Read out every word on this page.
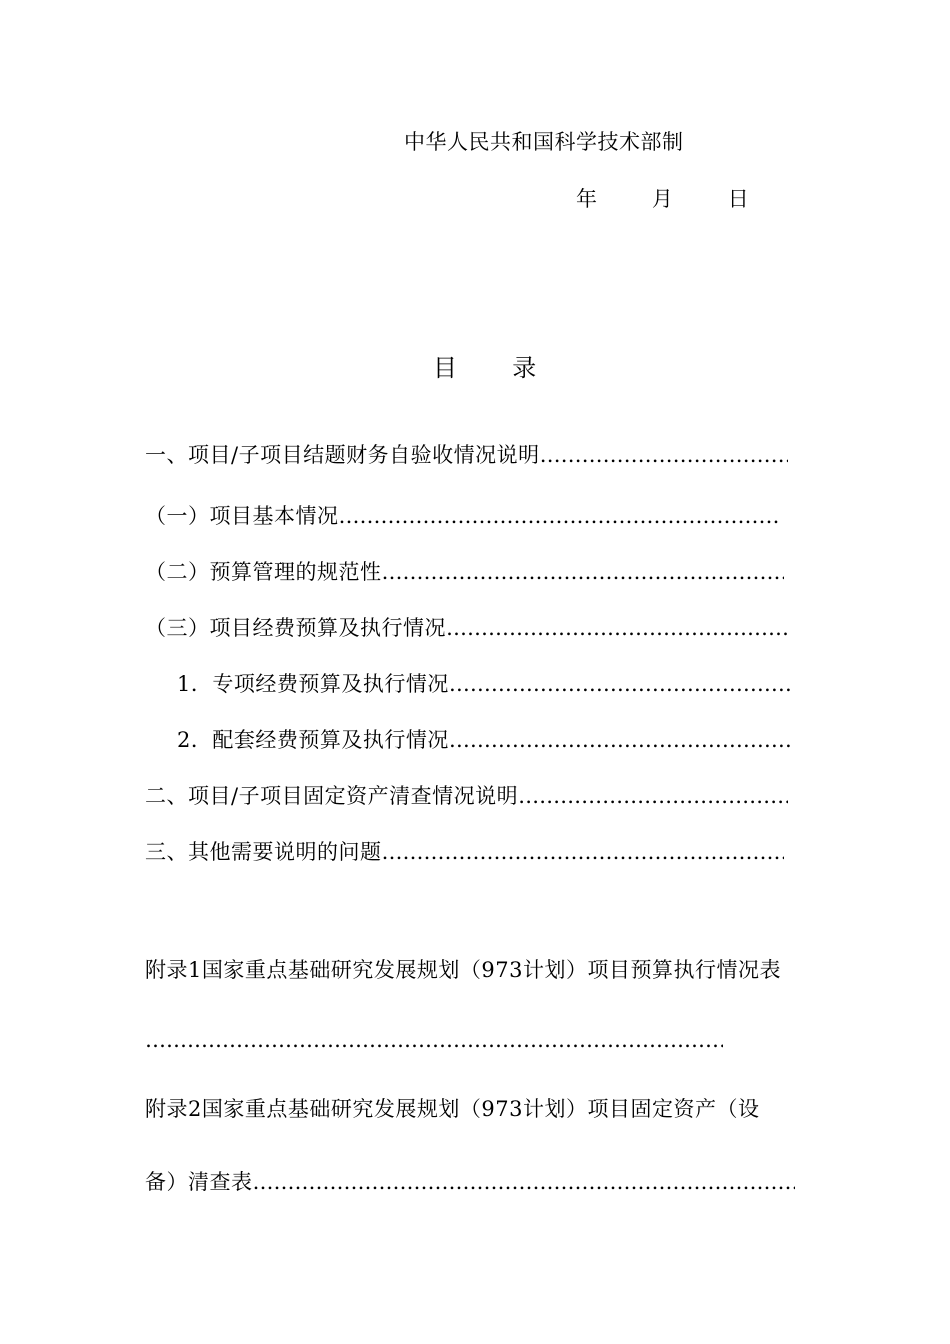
中华人民共和国科学技术部制
年	月	日
目 录
一、项目/子项目结题财务自验收情况说明…………………………………………………………………………………………………………………………
（一）项目基本情况…………………………………………………………………………………………………………………………
（二）预算管理的规范性…………………………………………………………………………………………………………………………
（三）项目经费预算及执行情况…………………………………………………………………………………………………………………………
1．专项经费预算及执行情况…………………………………………………………………………………………………………………………
2．配套经费预算及执行情况…………………………………………………………………………………………………………………………
二、项目/子项目固定资产清查情况说明…………………………………………………………………………………………………………………………
三、其他需要说明的问题…………………………………………………………………………………………………………………………
附录1国家重点基础研究发展规划（973计划）项目预算执行情况表
…………………………………………………………………………………………………………………………
附录2国家重点基础研究发展规划（973计划）项目固定资产（设
备）清查表…………………………………………………………………………………………………………………………
